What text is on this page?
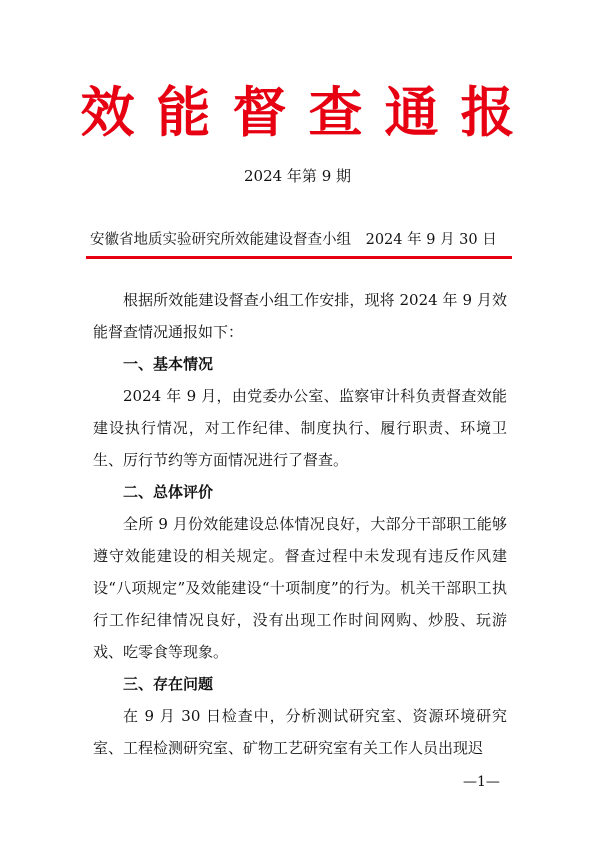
效能督查通报
2024 年第 9 期
安徽省地质实验研究所效能建设督查小组 2024 年 9 月 30 日

根据所效能建设督查小组工作安排，现将 2024 年 9 月效能督查情况通报如下：

一、基本情况

2024 年 9 月，由党委办公室、监察审计科负责督查效能建设执行情况，对工作纪律、制度执行、履行职责、环境卫生、厉行节约等方面情况进行了督查。

二、总体评价

全所 9 月份效能建设总体情况良好，大部分干部职工能够遵守效能建设的相关规定。督查过程中未发现有违反作风建设“八项规定”及效能建设“十项制度”的行为。机关干部职工执行工作纪律情况良好，没有出现工作时间网购、炒股、玩游戏、吃零食等现象。

三、存在问题

在 9 月 30 日检查中，分析测试研究室、资源环境研究室、工程检测研究室、矿物工艺研究室有关工作人员出现迟

—1—
